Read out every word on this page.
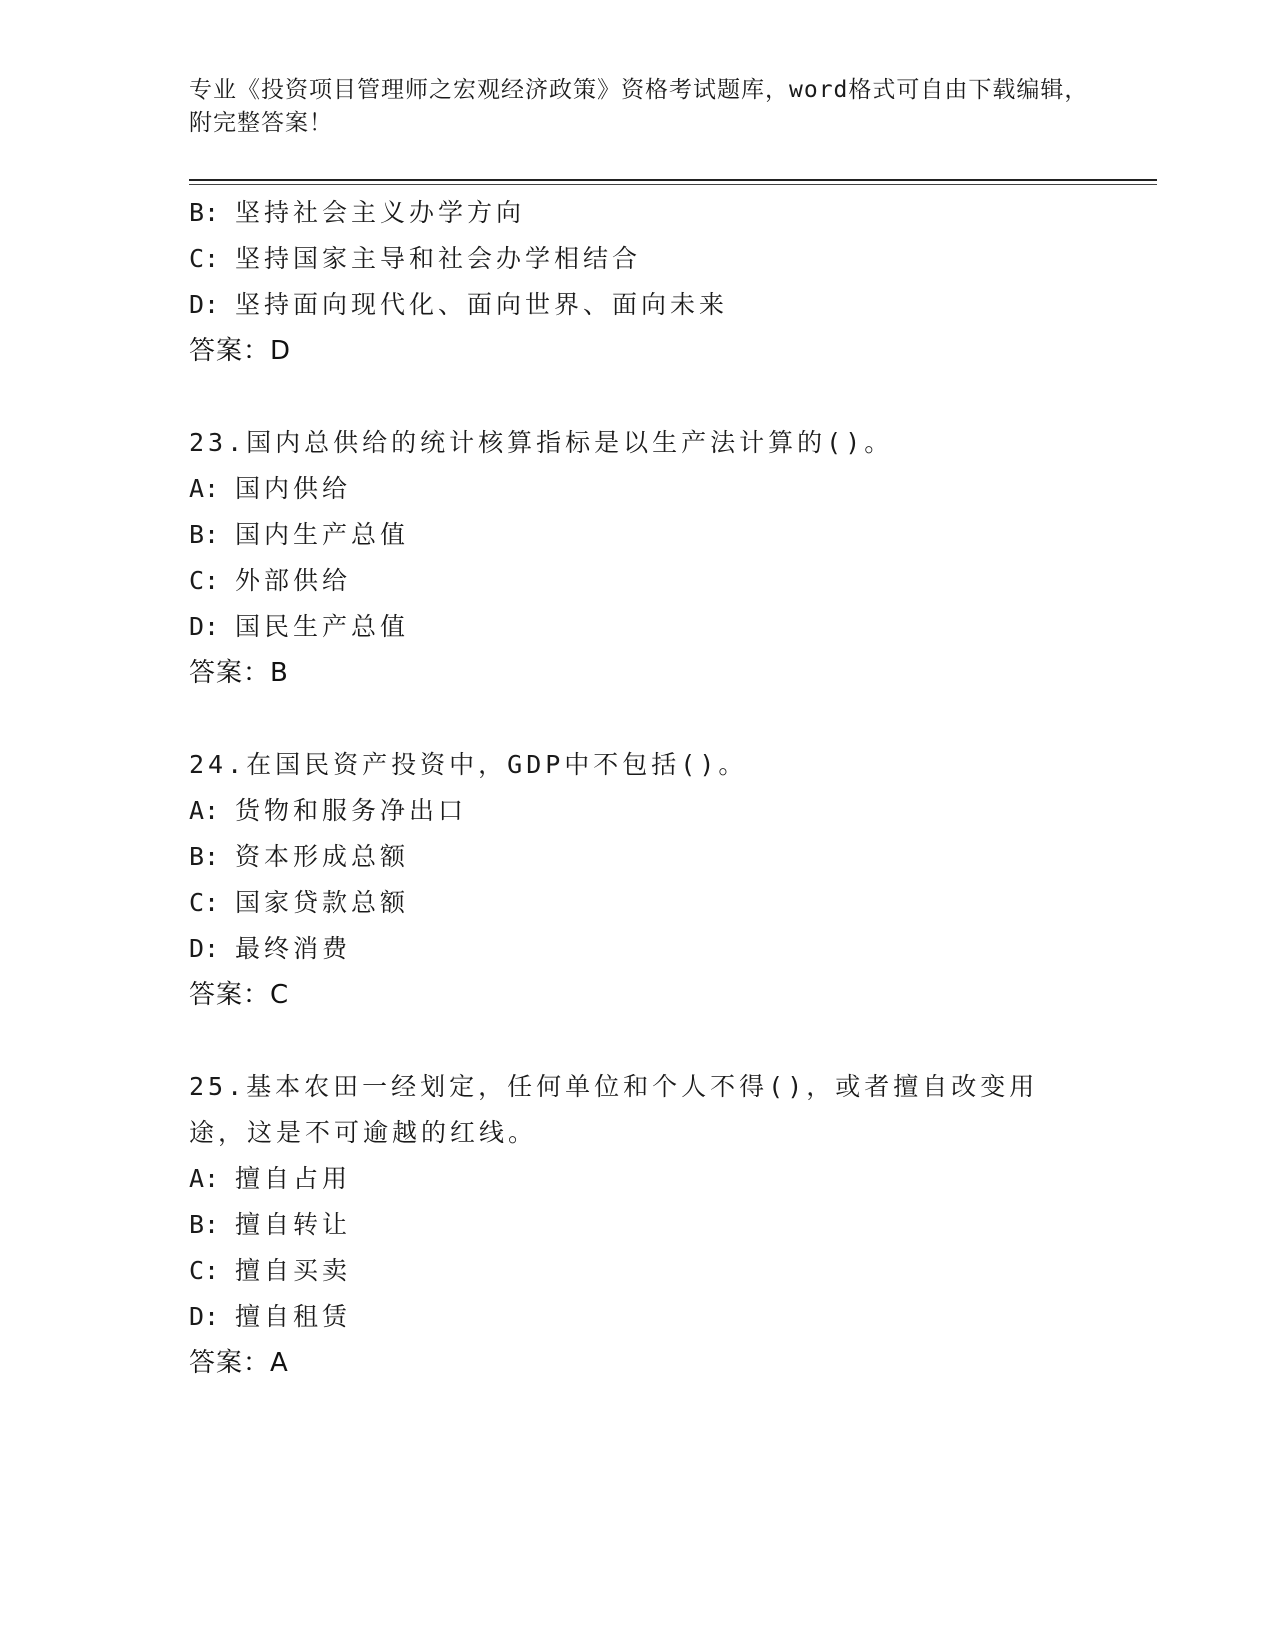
专业《投资项目管理师之宏观经济政策》资格考试题库，word格式可自由下载编辑，附完整答案！
B: 坚持社会主义办学方向
C: 坚持国家主导和社会办学相结合
D: 坚持面向现代化、面向世界、面向未来
答案：D
23.国内总供给的统计核算指标是以生产法计算的()。
A: 国内供给
B: 国内生产总值
C: 外部供给
D: 国民生产总值
答案：B
24.在国民资产投资中，GDP中不包括()。
A: 货物和服务净出口
B: 资本形成总额
C: 国家贷款总额
D: 最终消费
答案：C
25.基本农田一经划定，任何单位和个人不得()，或者擅自改变用途，这是不可逾越的红线。
A: 擅自占用
B: 擅自转让
C: 擅自买卖
D: 擅自租赁
答案：A
